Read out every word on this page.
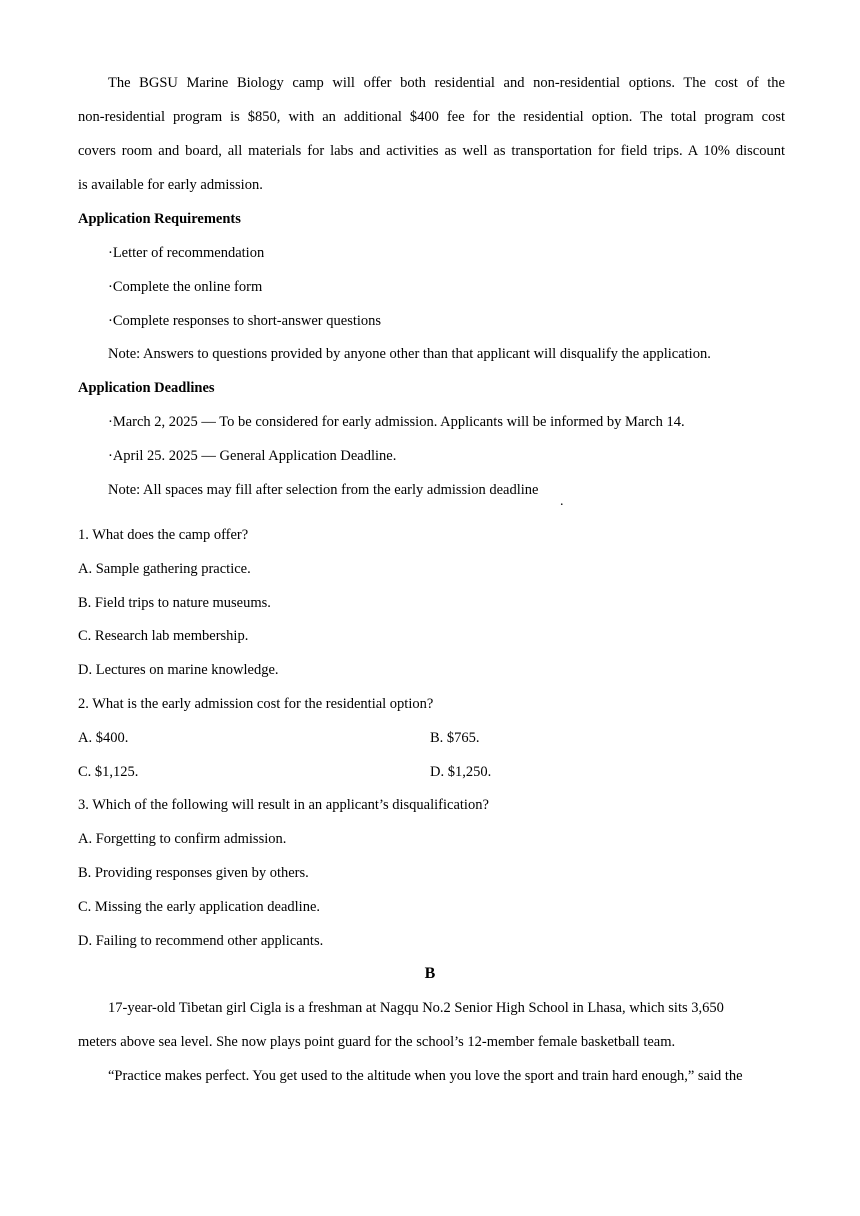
The BGSU Marine Biology camp will offer both residential and non-residential options. The cost of the
non-residential program is $850, with an additional $400 fee for the residential option. The total program cost
covers room and board, all materials for labs and activities as well as transportation for field trips. A 10% discount
is available for early admission.
Application Requirements
·Letter of recommendation
·Complete the online form
·Complete responses to short-answer questions
Note: Answers to questions provided by anyone other than that applicant will disqualify the application.
Application Deadlines
·March 2, 2025 — To be considered for early admission. Applicants will be informed by March 14.
·April 25. 2025 — General Application Deadline.
Note: All spaces may fill after selection from the early admission deadline
.
1. What does the camp offer?
A. Sample gathering practice.
B. Field trips to nature museums.
C. Research lab membership.
D. Lectures on marine knowledge.
2. What is the early admission cost for the residential option?
A. $400.	B. $765.
C. $1,125.	D. $1,250.
3. Which of the following will result in an applicant’s disqualification?
A. Forgetting to confirm admission.
B. Providing responses given by others.
C. Missing the early application deadline.
D. Failing to recommend other applicants.
B
17-year-old Tibetan girl Cigla is a freshman at Nagqu No.2 Senior High School in Lhasa, which sits 3,650
meters above sea level. She now plays point guard for the school’s 12-member female basketball team.
“Practice makes perfect. You get used to the altitude when you love the sport and train hard enough,” said the
